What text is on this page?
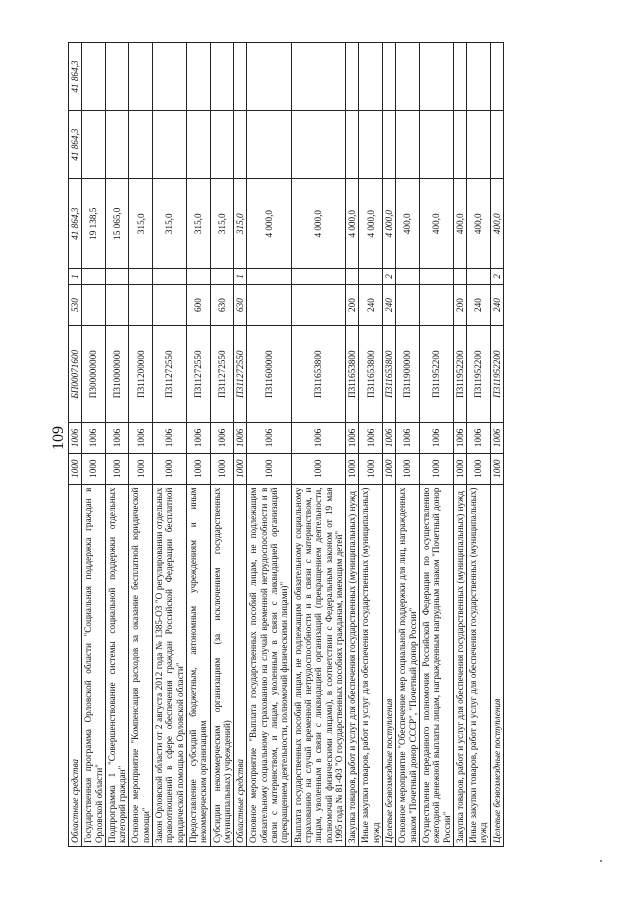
109
Областные средства	1000	1006	БП00071600	530	1	41 864,3	41 864,3	41 864,3
Государственная программа Орловской области "Социальная поддержка граждан в Орловской области"	1000	1006	П300000000			19 138,5		
Подпрограмма 1 "Совершенствование системы социальной поддержки отдельных категорий граждан"	1000	1006	П310000000			15 065,0		
Основное мероприятие "Компенсация расходов за оказание бесплатной юридической помощи"	1000	1006	П311200000			315,0		
Закон Орловской области от 2 августа 2012 года № 1385-ОЗ "О регулировании отдельных правоотношений в сфере обеспечения граждан Российской Федерации бесплатной юридической помощью в Орловской области"	1000	1006	П311272550			315,0		
Предоставление субсидий бюджетным, автономным учреждениям и иным некоммерческим организациям	1000	1006	П311272550	600		315,0		
Субсидии некоммерческим организациям (за исключением государственных (муниципальных) учреждений)	1000	1006	П311272550	630		315,0		
Областные средства	1000	1006	П311272550	630	1	315,0		
Основное мероприятие "Выплата государственных пособий лицам, не подлежащим обязательному социальному страхованию на случай временной нетрудоспособности и в связи с материнством, и лицам, уволенным в связи с ликвидацией организаций (прекращением деятельности, полномочий физическими лицами)"	1000	1006	П311600000			4 000,0		
Выплата государственных пособий лицам, не подлежащим обязательному социальному страхованию на случай временной нетрудоспособности и в связи с материнством, и лицам, уволенным в связи с ликвидацией организаций (прекращением деятельности, полномочий физическими лицами), в соответствии с Федеральным законом от 19 мая 1995 года № 81-ФЗ "О государственных пособиях гражданам, имеющим детей"	1000	1006	П311653800			4 000,0		
Закупка товаров, работ и услуг для обеспечения государственных (муниципальных) нужд	1000	1006	П311653800	200		4 000,0		
Иные закупки товаров, работ и услуг для обеспечения государственных (муниципальных) нужд	1000	1006	П311653800	240		4 000,0		
Целевые безвозмездные поступления	1000	1006	П311653800	240	2	4 000,0		
Основное мероприятие "Обеспечение мер социальной поддержки для лиц, награжденных знаком "Почетный донор СССР", "Почетный донор России"	1000	1006	П311900000			400,0		
Осуществление переданного полномочия Российской Федерации по осуществлению ежегодной денежной выплаты лицам, награжденным нагрудным знаком "Почетный донор России"	1000	1006	П311952200			400,0		
Закупка товаров, работ и услуг для обеспечения государственных (муниципальных) нужд	1000	1006	П311952200	200		400,0		
Иные закупки товаров, работ и услуг для обеспечения государственных (муниципальных) нужд	1000	1006	П311952200	240		400,0		
Целевые безвозмездные поступления	1000	1006	П311952200	240	2	400,0		
